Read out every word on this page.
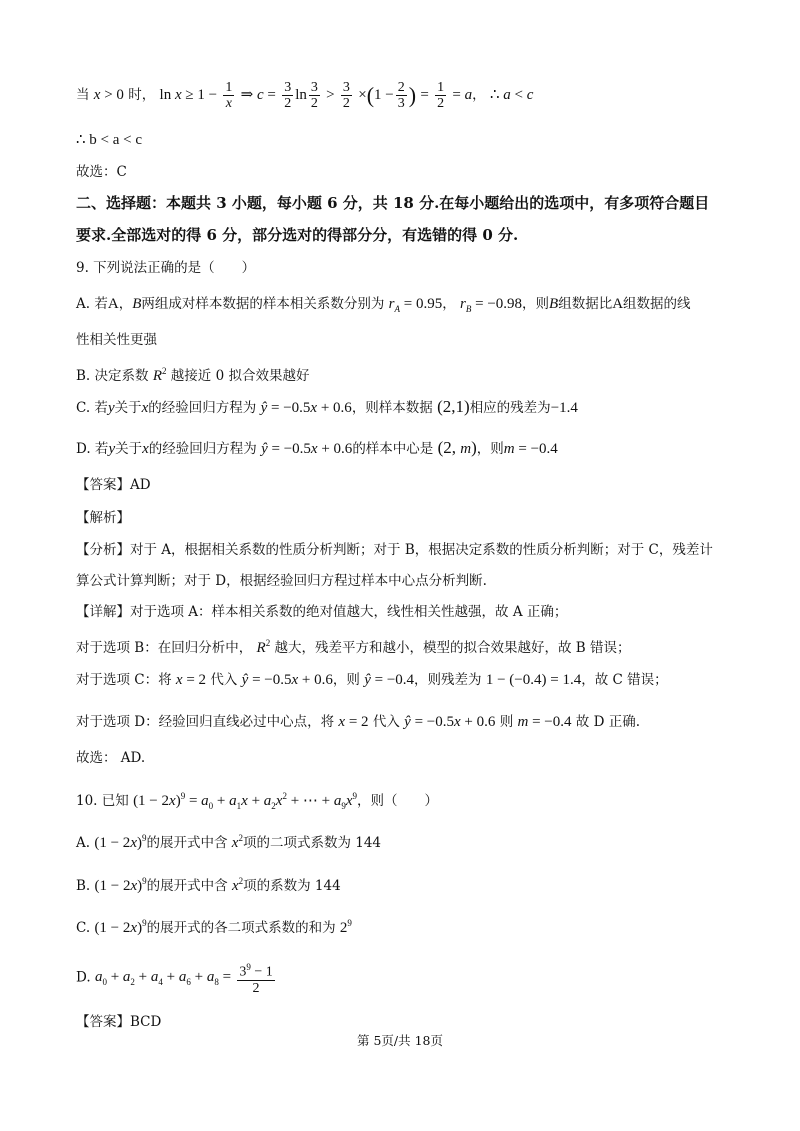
当 x > 0 时， $\ln x \ge 1 - \frac{1}{x}$ ⇒ $c = \frac{3}{2}$ $\ln \frac{3}{2} > \frac{3}{2} \times(1 - \frac{2}{3}$ ) = $\frac{1}{2} = a$， ∴ a < c
∴ b < a < c
故选：C
二、选择题：本题共 3 小题，每小题 6 分，共 18 分.在每小题给出的选项中，有多项符合题目
要求.全部选对的得 6 分，部分选对的得部分分，有选错的得 0 分.
9. 下列说法正确的是（　　）
A. 若A，B两组成对样本数据的样本相关系数分别为 $r_A = 0.95$， $r_B = -0.98$，则B组数据比A组数据的线
性相关性更强
B. 决定系数 $R^2$ 越接近 0 拟合效果越好
C. 若y关于x的经验回归方程为 ŷ = −0.5x + 0.6，则样本数据 (2,1)相应的残差为−1.4
D. 若y关于x的经验回归方程为 ŷ = −0.5x + 0.6的样本中心是 (2, m)，则m = −0.4
【答案】AD
【解析】
【分析】对于 A，根据相关系数的性质分析判断；对于 B，根据决定系数的性质分析判断；对于 C，残差计
算公式计算判断；对于 D，根据经验回归方程过样本中心点分析判断.
【详解】对于选项 A：样本相关系数的绝对值越大，线性相关性越强，故 A 正确；
对于选项 B：在回归分析中， $R^2$ 越大，残差平方和越小，模型的拟合效果越好，故 B 错误；
对于选项 C：将 x = 2 代入 ŷ = −0.5x + 0.6，则 ŷ = −0.4，则残差为 1 − (−0.4) = 1.4，故 C 错误；
对于选项 D：经验回归直线必过中心点，将 x = 2 代入 ŷ = −0.5x + 0.6 则 m = −0.4 故 D 正确.
故选： AD.
10. 已知 $(1 - 2x)^9 = a_0 + a_1x + a_2x^2$ + ⋯ + $a_9x^9$，则（　　）
A. $(1 - 2x)^9$的展开式中含 $x^2$项的二项式系数为 144
B. $(1 - 2x)^9$的展开式中含 $x^2$项的系数为 144
C. $(1 - 2x)^9$的展开式的各二项式系数的和为 $2^9$
D. $a_0 + a_2 + a_4 + a_6 + a_8 = \frac{3^9 - 1}{2}$
【答案】BCD
第 5页/共 18页
